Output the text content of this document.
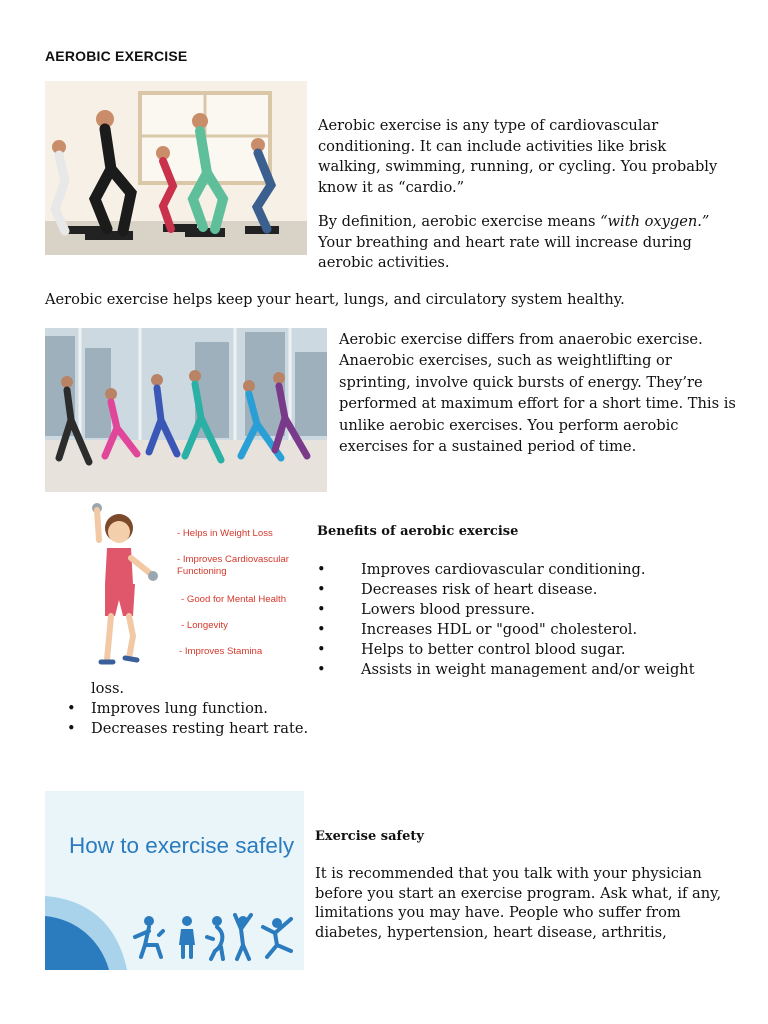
AEROBIC EXERCISE
Aerobic exercise is any type of cardiovascular conditioning. It can include activities like brisk walking, swimming, running, or cycling. You probably know it as “cardio.”
By definition, aerobic exercise means “with oxygen.” Your breathing and heart rate will increase during aerobic activities.
Aerobic exercise helps keep your heart, lungs, and circulatory system healthy.
Aerobic exercise differs from anaerobic exercise. Anaerobic exercises, such as weightlifting or sprinting, involve quick bursts of energy. They’re performed at maximum effort for a short time. This is unlike aerobic exercises. You perform aerobic exercises for a sustained period of time.
- Helps in Weight Loss
- Improves Cardiovascular Functioning
- Good for Mental Health
- Longevity
- Improves Stamina
Benefits of aerobic exercise
• Improves cardiovascular conditioning.
• Decreases risk of heart disease.
• Lowers blood pressure.
• Increases HDL or "good" cholesterol.
• Helps to better control blood sugar.
• Assists in weight management and/or weight
loss.
• Improves lung function.
• Decreases resting heart rate.
How to exercise safely Exercise safety
It is recommended that you talk with your physician before you start an exercise program. Ask what, if any, limitations you may have. People who suffer from diabetes, hypertension, heart disease, arthritis,
